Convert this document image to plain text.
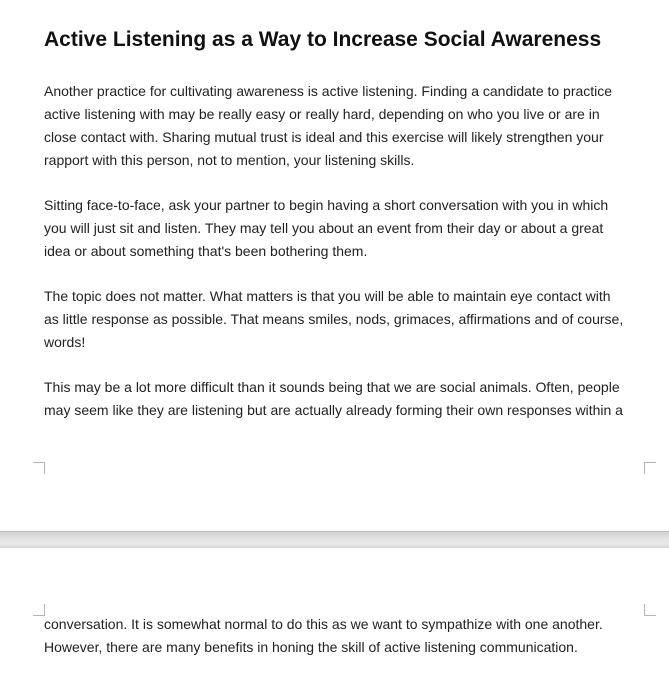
Active Listening as a Way to Increase Social Awareness

Another practice for cultivating awareness is active listening. Finding a candidate to practice
active listening with may be really easy or really hard, depending on who you live or are in
close contact with. Sharing mutual trust is ideal and this exercise will likely strengthen your
rapport with this person, not to mention, your listening skills.

Sitting face-to-face, ask your partner to begin having a short conversation with you in which
you will just sit and listen. They may tell you about an event from their day or about a great
idea or about something that's been bothering them.

The topic does not matter. What matters is that you will be able to maintain eye contact with
as little response as possible. That means smiles, nods, grimaces, affirmations and of course,
words!

This may be a lot more difficult than it sounds being that we are social animals. Often, people
may seem like they are listening but are actually already forming their own responses within a

conversation. It is somewhat normal to do this as we want to sympathize with one another.
However, there are many benefits in honing the skill of active listening communication.
